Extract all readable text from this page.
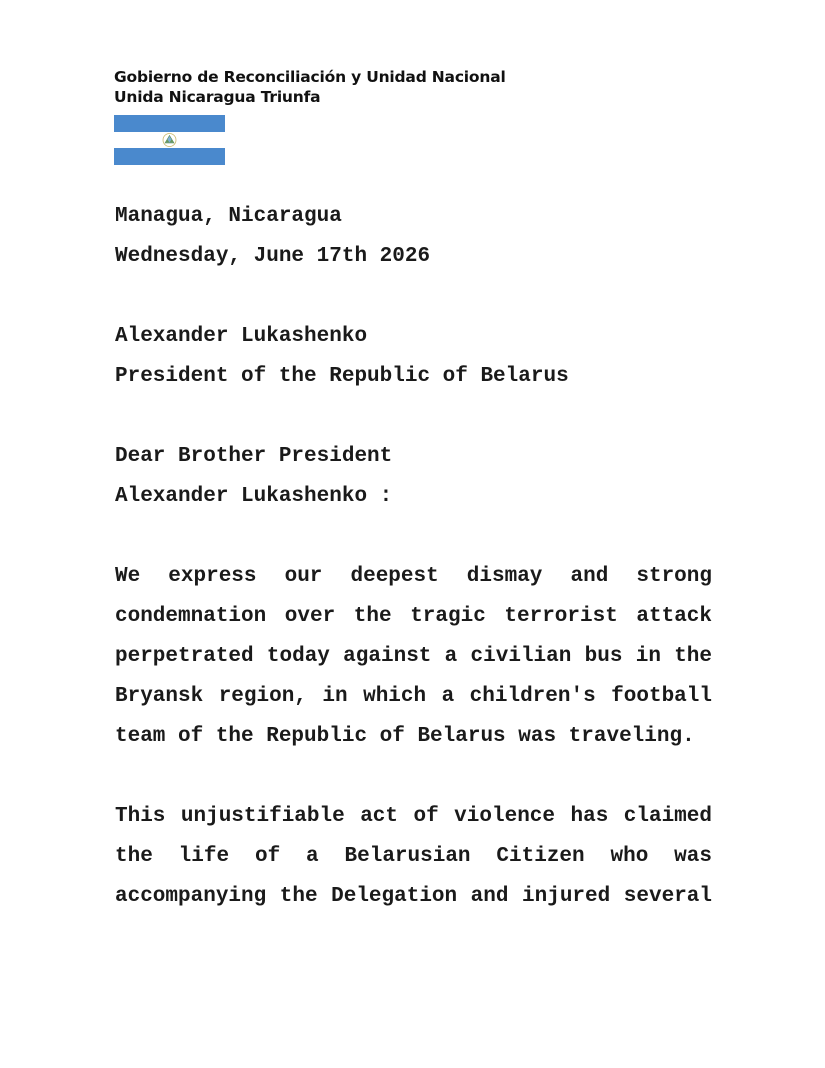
Gobierno de Reconciliación y Unidad Nacional
Unida Nicaragua Triunfa
Managua, Nicaragua
Wednesday, June 17th 2026
Alexander Lukashenko
President of the Republic of Belarus
Dear Brother President
Alexander Lukashenko :
We express our deepest dismay and strong condemnation over the tragic terrorist attack perpetrated today against a civilian bus in the Bryansk region, in which a children's football team of the Republic of Belarus was traveling.
This unjustifiable act of violence has claimed the life of a Belarusian Citizen who was accompanying the Delegation and injured several
